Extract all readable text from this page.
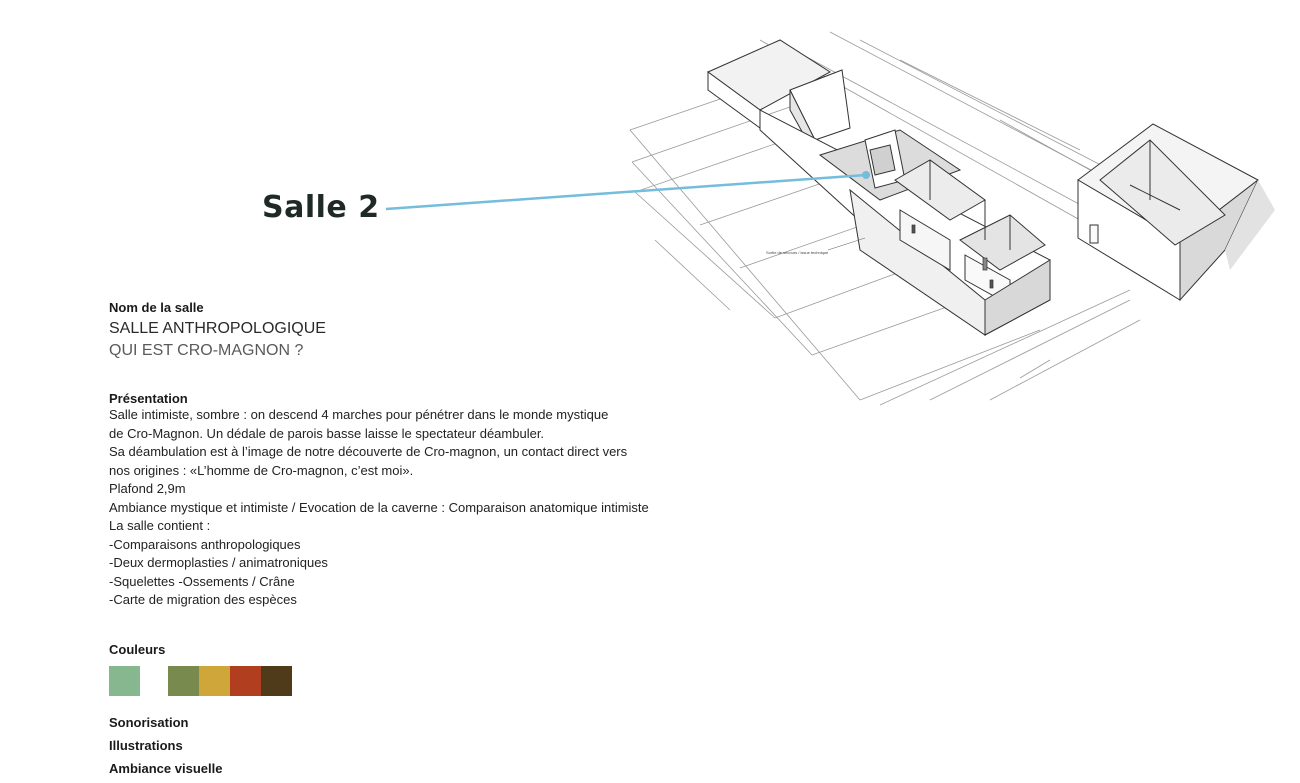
Sortie de secours / issue technique
Salle 2
Nom de la salle
SALLE ANTHROPOLOGIQUE
QUI EST CRO-MAGNON ?
Présentation
Salle intimiste, sombre : on descend 4 marches pour pénétrer dans le monde mystique
de Cro-Magnon. Un dédale de parois basse laisse le spectateur déambuler.
Sa déambulation est à l’image de notre découverte de Cro-magnon, un contact direct vers
nos origines : «L’homme de Cro-magnon, c’est moi».
Plafond 2,9m
Ambiance mystique et intimiste / Evocation de la caverne : Comparaison anatomique intimiste
La salle contient :
-Comparaisons anthropologiques
-Deux dermoplasties / animatroniques
-Squelettes -Ossements / Crâne
-Carte de migration des espèces
Couleurs
Sonorisation
Illustrations
Ambiance visuelle
